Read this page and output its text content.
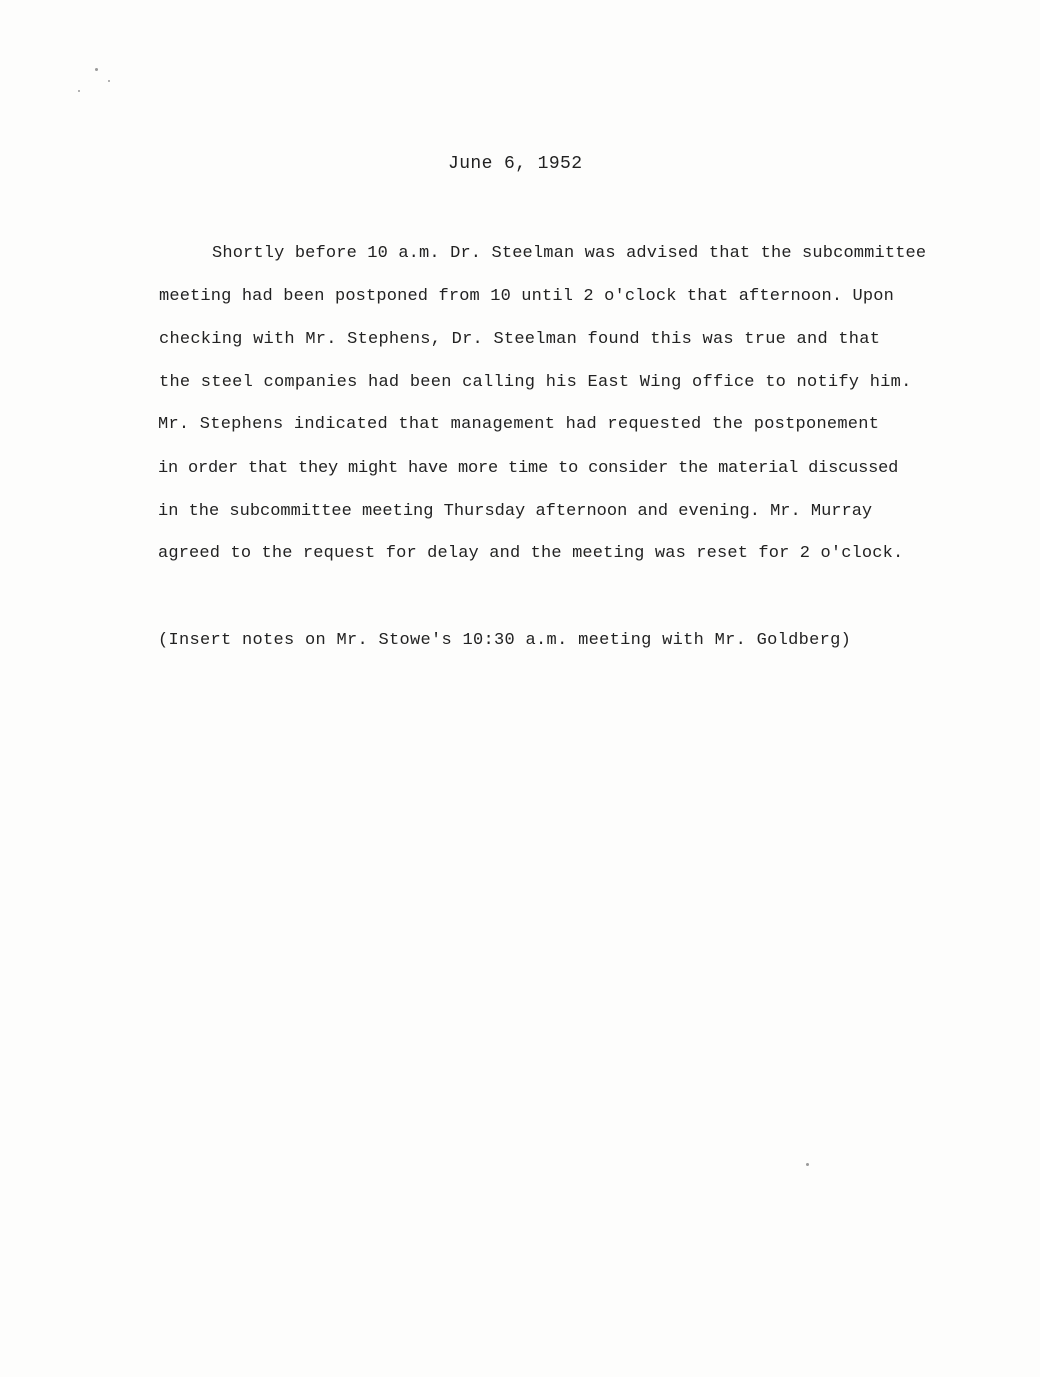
June 6, 1952
Shortly before 10 a.m. Dr. Steelman was advised that the subcommittee
meeting had been postponed from 10 until 2 o'clock that afternoon. Upon
checking with Mr. Stephens, Dr. Steelman found this was true and that
the steel companies had been calling his East Wing office to notify him.
Mr. Stephens indicated that management had requested the postponement
in order that they might have more time to consider the material discussed
in the subcommittee meeting Thursday afternoon and evening. Mr. Murray
agreed to the request for delay and the meeting was reset for 2 o'clock.
(Insert notes on Mr. Stowe's 10:30 a.m. meeting with Mr. Goldberg)
